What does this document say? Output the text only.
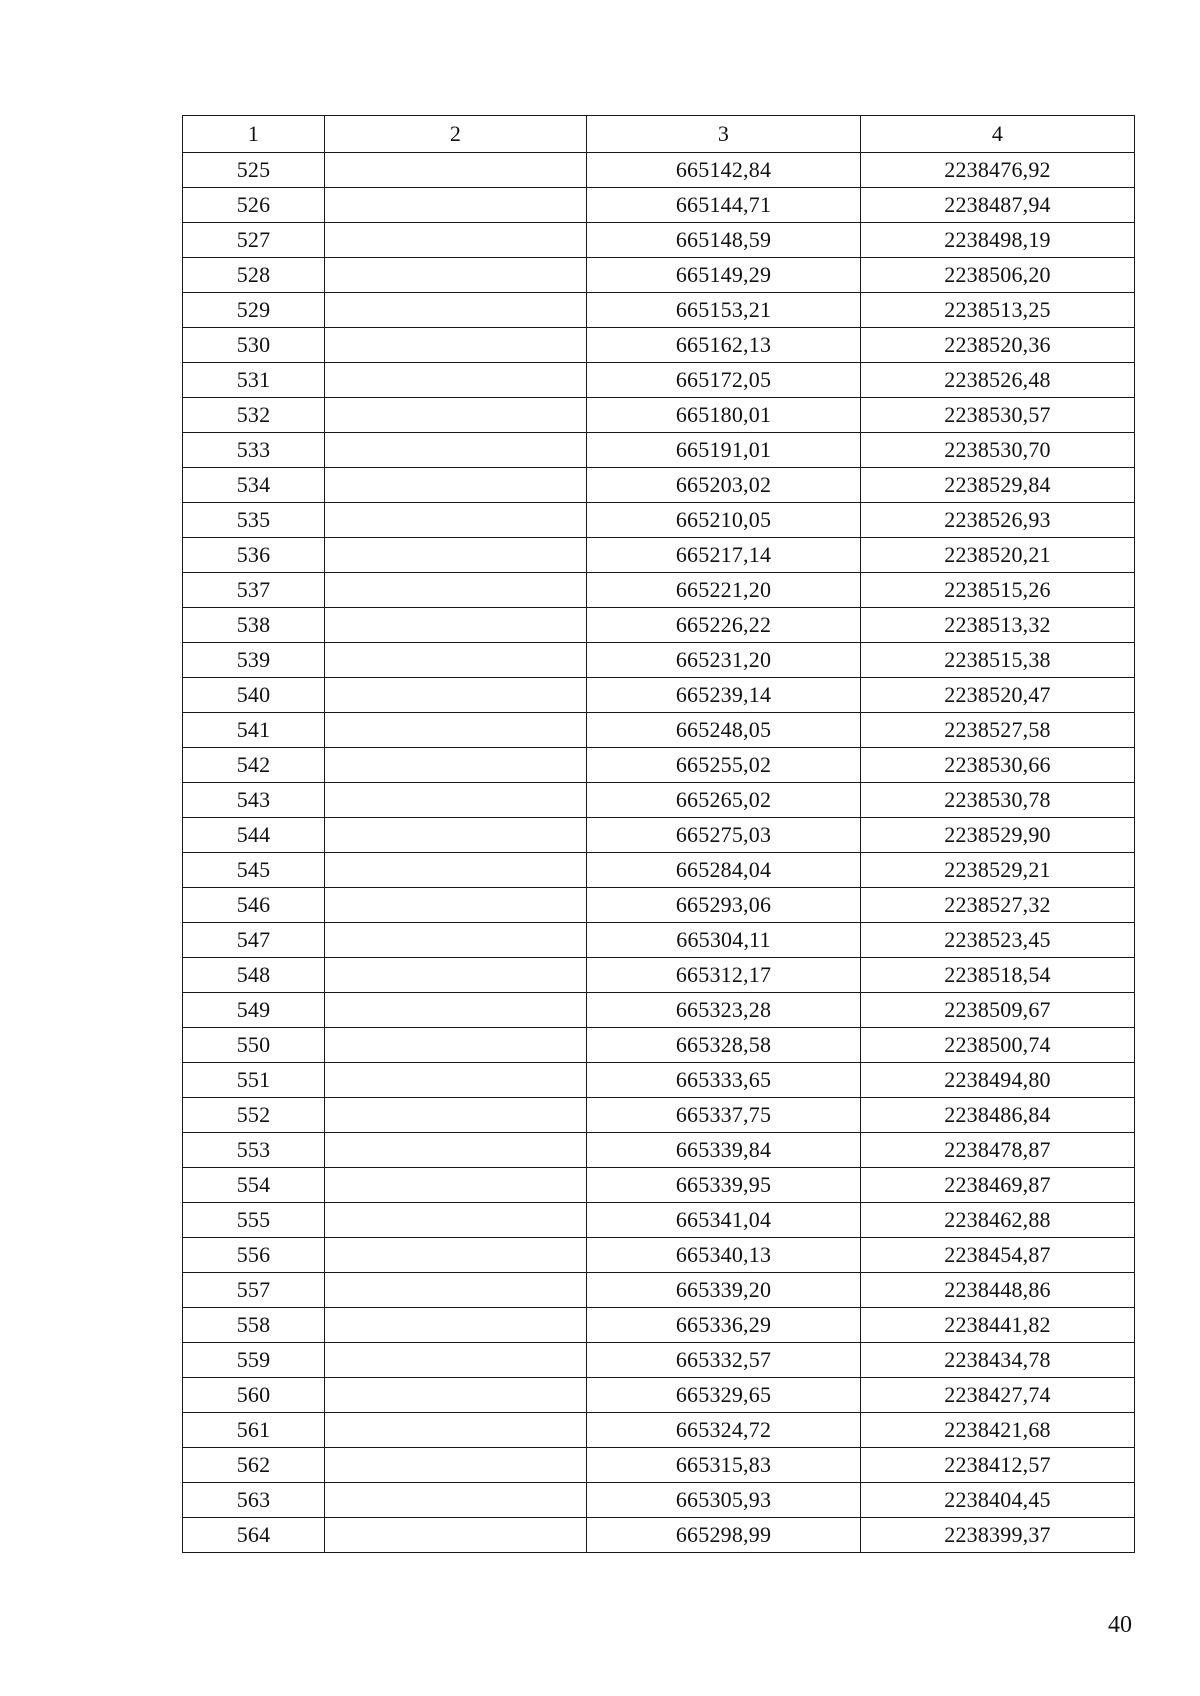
1	2	3	4
525		665142,84	2238476,92
526		665144,71	2238487,94
527		665148,59	2238498,19
528		665149,29	2238506,20
529		665153,21	2238513,25
530		665162,13	2238520,36
531		665172,05	2238526,48
532		665180,01	2238530,57
533		665191,01	2238530,70
534		665203,02	2238529,84
535		665210,05	2238526,93
536		665217,14	2238520,21
537		665221,20	2238515,26
538		665226,22	2238513,32
539		665231,20	2238515,38
540		665239,14	2238520,47
541		665248,05	2238527,58
542		665255,02	2238530,66
543		665265,02	2238530,78
544		665275,03	2238529,90
545		665284,04	2238529,21
546		665293,06	2238527,32
547		665304,11	2238523,45
548		665312,17	2238518,54
549		665323,28	2238509,67
550		665328,58	2238500,74
551		665333,65	2238494,80
552		665337,75	2238486,84
553		665339,84	2238478,87
554		665339,95	2238469,87
555		665341,04	2238462,88
556		665340,13	2238454,87
557		665339,20	2238448,86
558		665336,29	2238441,82
559		665332,57	2238434,78
560		665329,65	2238427,74
561		665324,72	2238421,68
562		665315,83	2238412,57
563		665305,93	2238404,45
564		665298,99	2238399,37
40
